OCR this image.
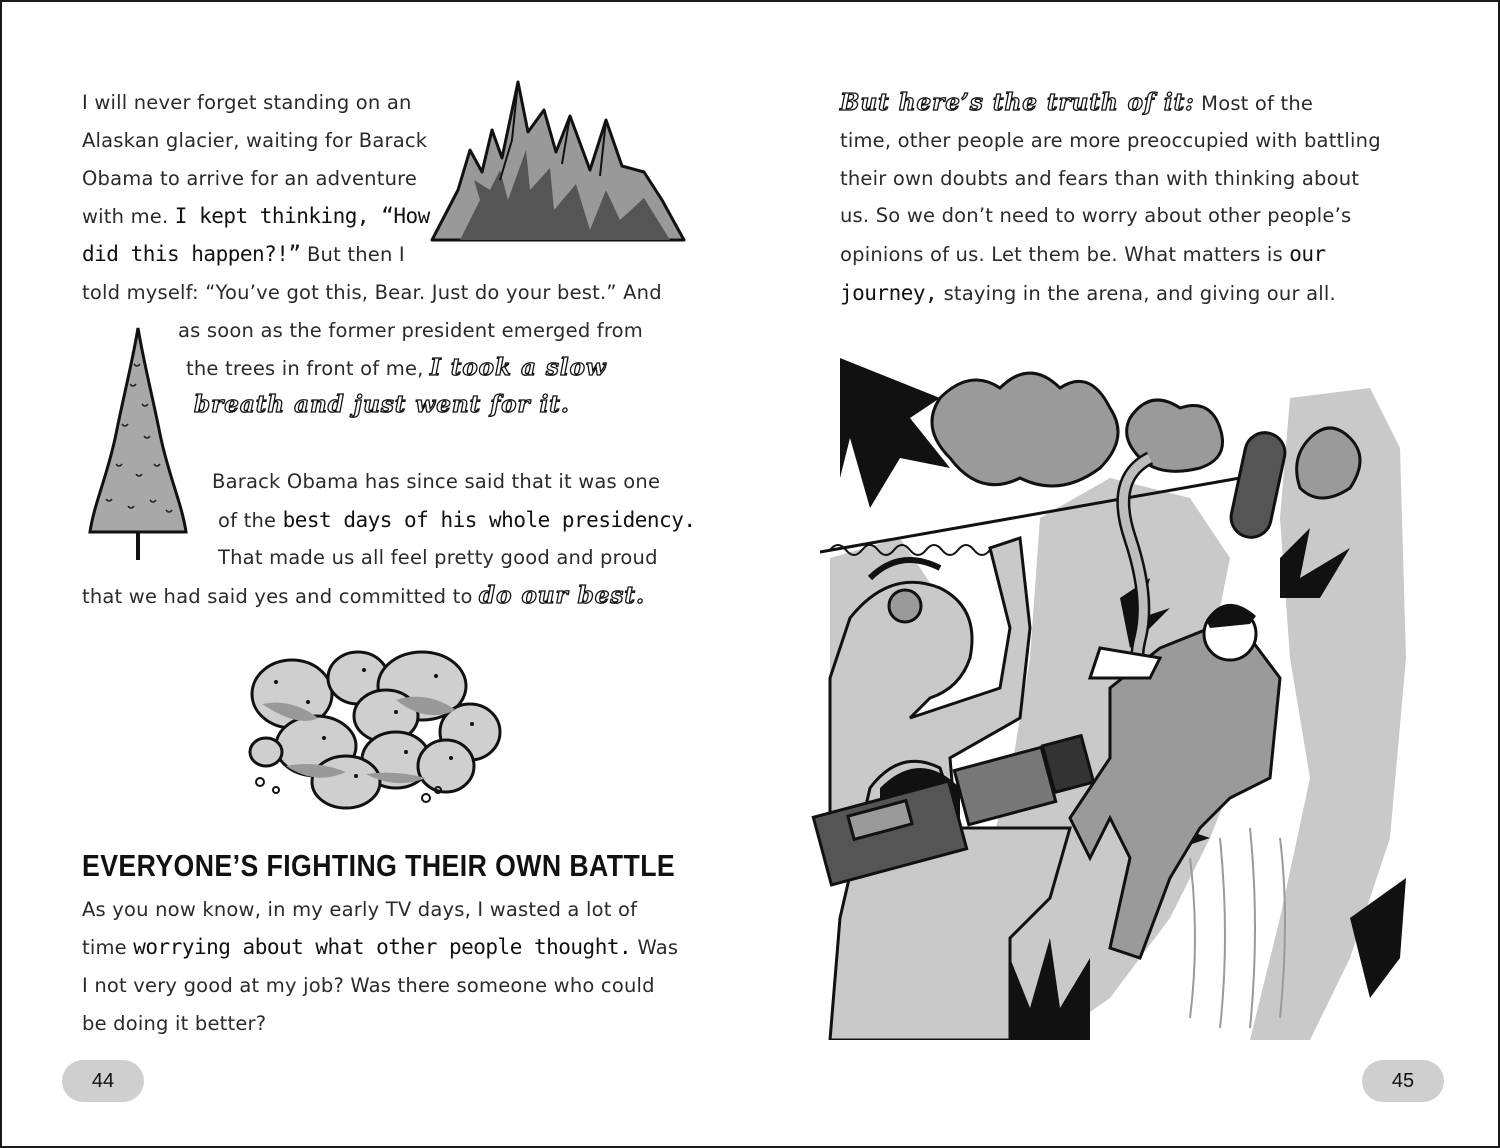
I will never forget standing on an
Alaskan glacier, waiting for Barack
Obama to arrive for an adventure
with me. I kept thinking, “How
did this happen?!” But then I
told myself: “You’ve got this, Bear. Just do your best.” And
as soon as the former president emerged from
the trees in front of me, I took a slow
breath and just went for it.
Barack Obama has since said that it was one
of the best days of his whole presidency.
That made us all feel pretty good and proud
that we had said yes and committed to do our best.
EVERYONE’S FIGHTING THEIR OWN BATTLE
As you now know, in my early TV days, I wasted a lot of
time worrying about what other people thought. Was
I not very good at my job? Was there someone who could
be doing it better?
44
But here’s the truth of it: Most of the
time, other people are more preoccupied with battling
their own doubts and fears than with thinking about
us. So we don’t need to worry about other people’s
opinions of us. Let them be. What matters is our
journey, staying in the arena, and giving our all.
45
